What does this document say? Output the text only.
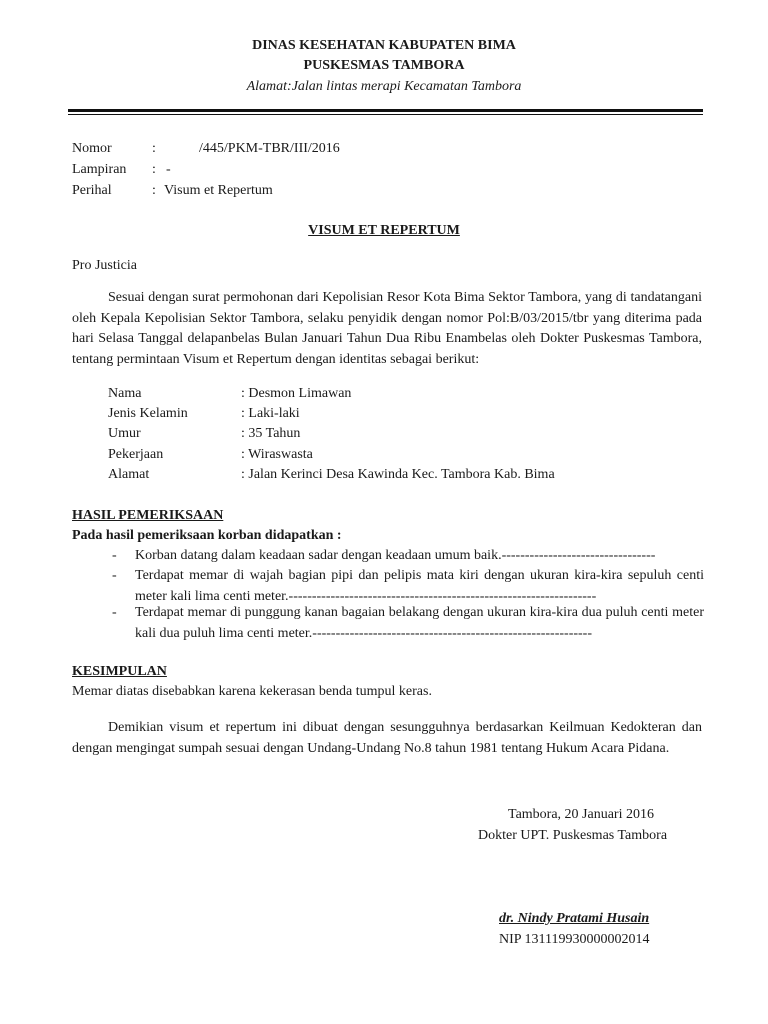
DINAS KESEHATAN KABUPATEN BIMA
PUSKESMAS TAMBORA
Alamat:Jalan lintas merapi Kecamatan Tambora
Nomor	:	/445/PKM-TBR/III/2016
Lampiran : -
Perihal	: Visum et Repertum
VISUM ET REPERTUM
Pro Justicia
Sesuai dengan surat permohonan dari Kepolisian Resor Kota Bima Sektor Tambora, yang di tandatangani oleh Kepala Kepolisian Sektor Tambora, selaku penyidik dengan nomor Pol:B/03/2015/tbr yang diterima pada hari Selasa Tanggal delapanbelas Bulan Januari Tahun Dua Ribu Enambelas oleh Dokter Puskesmas Tambora, tentang permintaan Visum et Repertum dengan identitas sebagai berikut:
Nama	: Desmon Limawan
Jenis Kelamin	: Laki-laki
Umur	: 35 Tahun
Pekerjaan	: Wiraswasta
Alamat	: Jalan Kerinci Desa Kawinda Kec. Tambora Kab. Bima
HASIL PEMERIKSAAN
Pada hasil pemeriksaan korban didapatkan :
- Korban datang dalam keadaan sadar dengan keadaan umum baik.---------------------------------
- Terdapat memar di wajah bagian pipi dan pelipis mata kiri dengan ukuran kira-kira sepuluh centi meter kali lima centi meter.------------------------------------------------------------------
- Terdapat memar di punggung kanan bagaian belakang dengan ukuran kira-kira dua puluh centi meter kali dua puluh lima centi meter.------------------------------------------------------------
KESIMPULAN
Memar diatas disebabkan karena kekerasan benda tumpul keras.
Demikian visum et repertum ini dibuat dengan sesungguhnya berdasarkan Keilmuan Kedokteran dan dengan mengingat sumpah sesuai dengan Undang-Undang No.8 tahun 1981 tentang Hukum Acara Pidana.
Tambora, 20 Januari 2016
Dokter UPT. Puskesmas Tambora
dr. Nindy Pratami Husain
NIP 131119930000002014
